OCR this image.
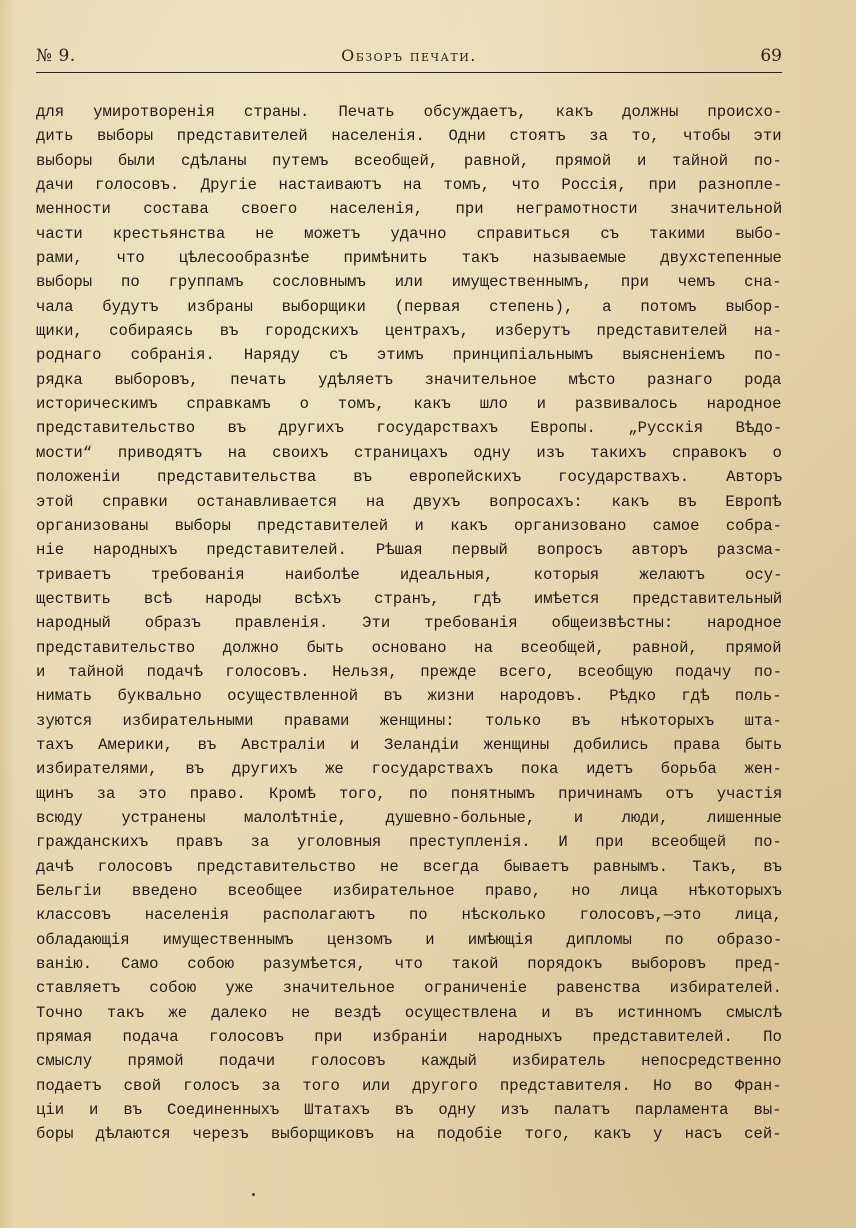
№ 9.	Обзоръ печати.	69
для умиротворенія страны. Печать обсуждаетъ, какъ должны происхо-
дить выборы представителей населенія. Одни стоятъ за то, чтобы эти
выборы были сдѣланы путемъ всеобщей, равной, прямой и тайной по-
дачи голосовъ. Другіе настаиваютъ на томъ, что Россія, при разнопле-
менности состава своего населенія, при неграмотности значительной
части крестьянства не можетъ удачно справиться съ такими выбо-
рами, что цѣлесообразнѣе примѣнить такъ называемые двухстепенные
выборы по группамъ сословнымъ или имущественнымъ, при чемъ сна-
чала будутъ избраны выборщики (первая степень), а потомъ выбор-
щики, собираясь въ городскихъ центрахъ, изберутъ представителей на-
роднаго собранія. Наряду съ этимъ принципіальнымъ выясненіемъ по-
рядка выборовъ, печать удѣляетъ значительное мѣсто разнаго рода
историческимъ справкамъ о томъ, какъ шло и развивалось народное
представительство въ другихъ государствахъ Европы. „Русскія Вѣдо-
мости“ приводятъ на своихъ страницахъ одну изъ такихъ справокъ о
положеніи представительства въ европейскихъ государствахъ. Авторъ
этой справки останавливается на двухъ вопросахъ: какъ въ Европѣ
организованы выборы представителей и какъ организовано самое собра-
ніе народныхъ представителей. Рѣшая первый вопросъ авторъ разсма-
триваетъ требованія наиболѣе идеальныя, которыя желаютъ осу-
ществить всѣ народы всѣхъ странъ, гдѣ имѣется представительный
народный образъ правленія. Эти требованія общеизвѣстны: народное
представительство должно быть основано на всеобщей, равной, прямой
и тайной подачѣ голосовъ. Нельзя, прежде всего, всеобщую подачу по-
нимать буквально осуществленной въ жизни народовъ. Рѣдко гдѣ поль-
зуются избирательными правами женщины: только въ нѣкоторыхъ шта-
тахъ Америки, въ Австраліи и Зеландіи женщины добились права быть
избирателями, въ другихъ же государствахъ пока идетъ борьба жен-
щинъ за это право. Кромѣ того, по понятнымъ причинамъ отъ участія
всюду устранены малолѣтніе, душевно-больные, и люди, лишенные
гражданскихъ правъ за уголовныя преступленія. И при всеобщей по-
дачѣ голосовъ представительство не всегда бываетъ равнымъ. Такъ, въ
Бельгіи введено всеобщее избирательное право, но лица нѣкоторыхъ
классовъ населенія располагаютъ по нѣсколько голосовъ,—это лица,
обладающія имущественнымъ цензомъ и имѣющія дипломы по образо-
ванію. Само собою разумѣется, что такой порядокъ выборовъ пред-
ставляетъ собою уже значительное ограниченіе равенства избирателей.
Точно такъ же далеко не вездѣ осуществлена и въ истинномъ смыслѣ
прямая подача голосовъ при избраніи народныхъ представителей. По
смыслу прямой подачи голосовъ каждый избиратель непосредственно
подаетъ свой голосъ за того или другого представителя. Но во Фран-
ціи и въ Соединенныхъ Штатахъ въ одну изъ палатъ парламента вы-
боры дѣлаются черезъ выборщиковъ на подобіе того, какъ у насъ сей-
